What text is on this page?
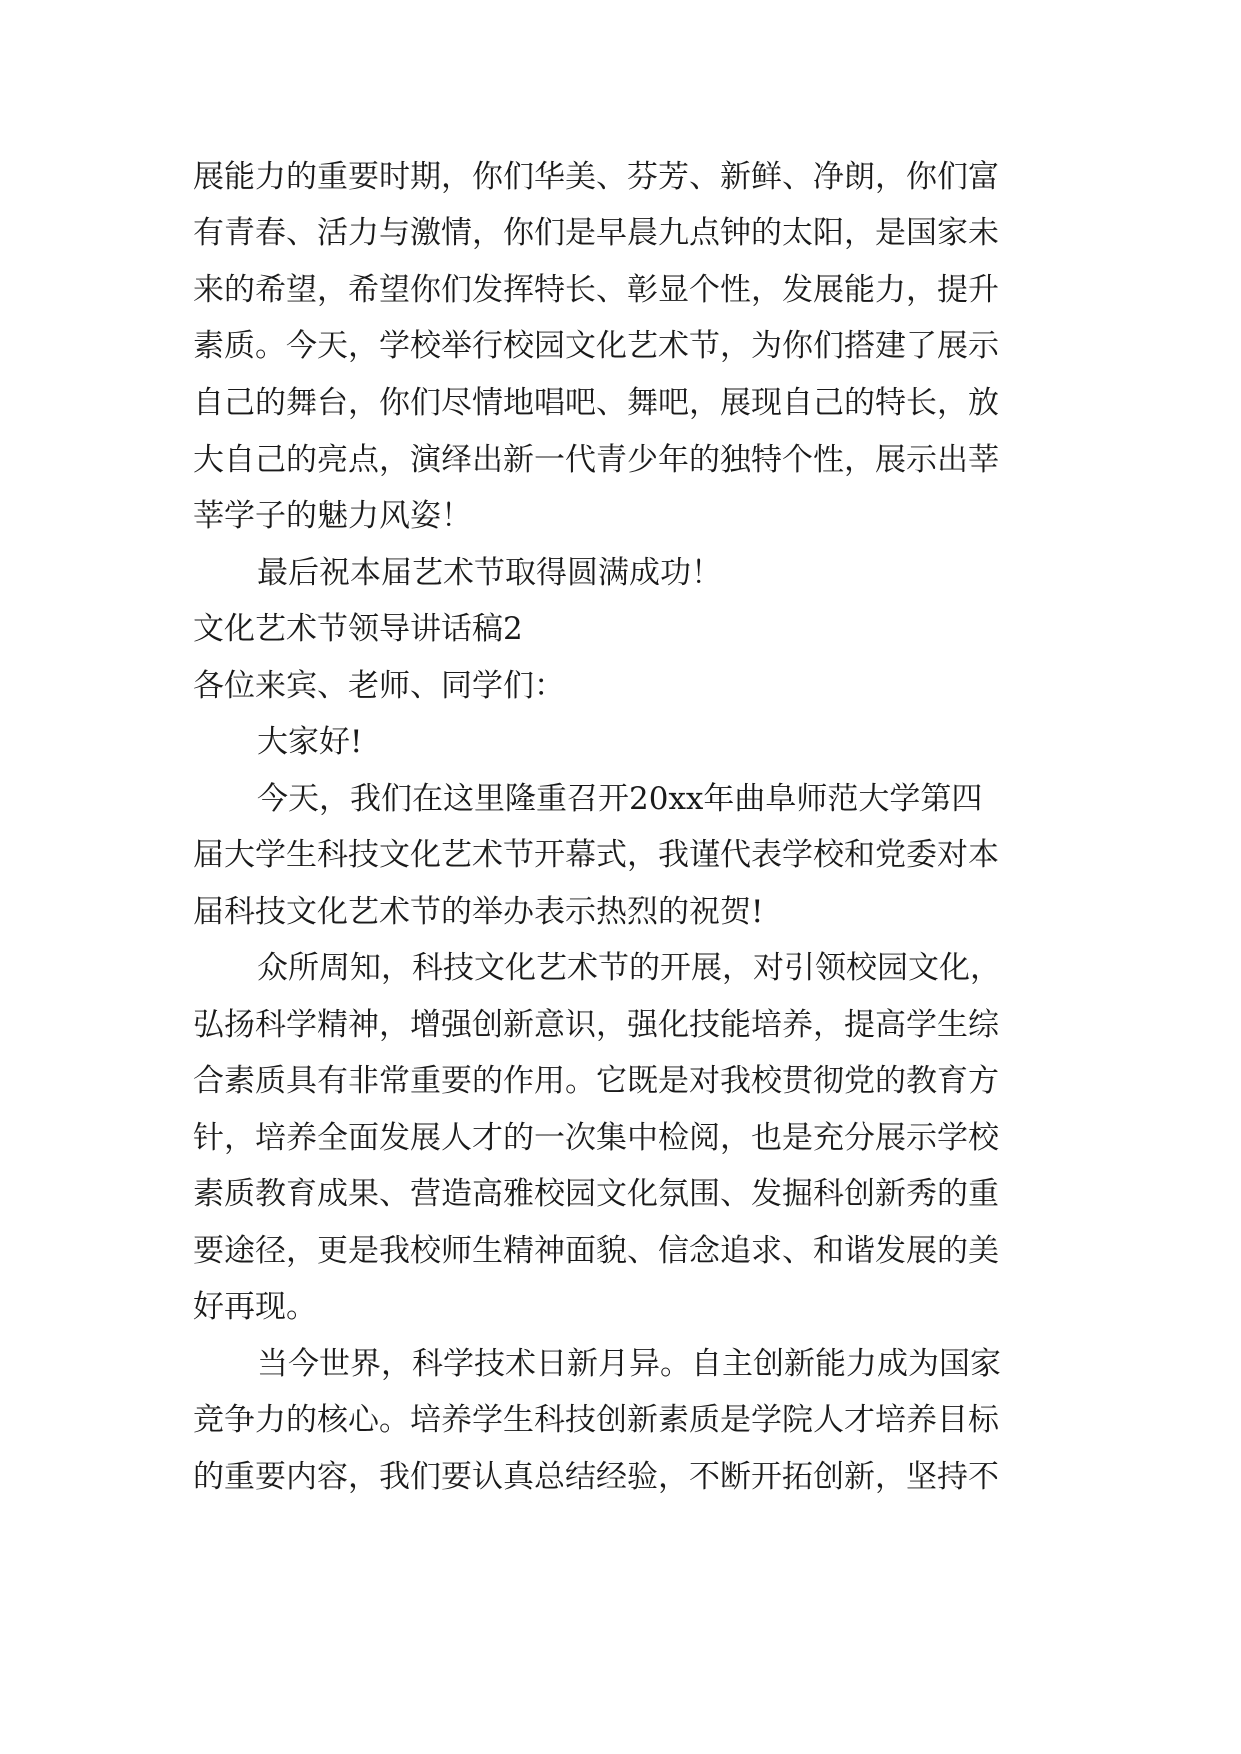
展能力的重要时期，你们华美、芬芳、新鲜、净朗，你们富
有青春、活力与激情，你们是早晨九点钟的太阳，是国家未
来的希望，希望你们发挥特长、彰显个性，发展能力，提升
素质。今天，学校举行校园文化艺术节，为你们搭建了展示
自己的舞台，你们尽情地唱吧、舞吧，展现自己的特长，放
大自己的亮点，演绎出新一代青少年的独特个性，展示出莘
莘学子的魅力风姿！
最后祝本届艺术节取得圆满成功！
文化艺术节领导讲话稿2
各位来宾、老师、同学们：
大家好!
今天，我们在这里隆重召开20xx年曲阜师范大学第四
届大学生科技文化艺术节开幕式，我谨代表学校和党委对本
届科技文化艺术节的举办表示热烈的祝贺!
众所周知，科技文化艺术节的开展，对引领校园文化，
弘扬科学精神，增强创新意识，强化技能培养，提高学生综
合素质具有非常重要的作用。它既是对我校贯彻党的教育方
针，培养全面发展人才的一次集中检阅，也是充分展示学校
素质教育成果、营造高雅校园文化氛围、发掘科创新秀的重
要途径，更是我校师生精神面貌、信念追求、和谐发展的美
好再现。
当今世界，科学技术日新月异。自主创新能力成为国家
竞争力的核心。培养学生科技创新素质是学院人才培养目标
的重要内容，我们要认真总结经验，不断开拓创新，坚持不
